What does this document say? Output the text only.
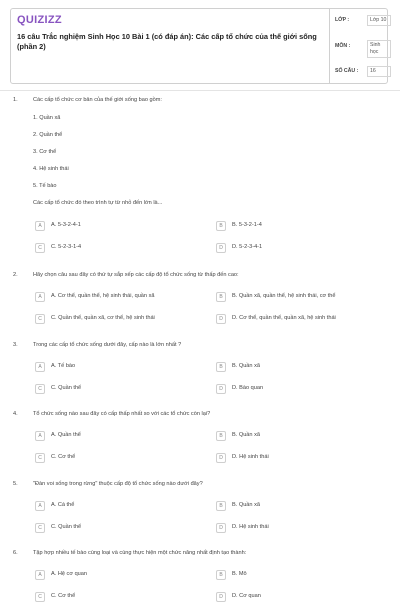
QUIZIZZ
16 câu Trắc nghiệm Sinh Học 10 Bài 1 (có đáp án): Các cấp tổ chức của thế giới sống (phần 2)
LỚP :	Lớp 10
MÔN :	Sinh học
SỐ CÂU :	16
1.	Các cấp tổ chức cơ bản của thế giới sống bao gồm:
1. Quần xã
2. Quần thể
3. Cơ thể
4. Hệ sinh thái
5. Tế bào
Các cấp tổ chức đó theo trình tự từ nhỏ đến lớn là...
A	A. 5-3-2-4-1	B	B. 5-3-2-1-4
C	C. 5-2-3-1-4	D	D. 5-2-3-4-1
2.	Hãy chọn câu sau đây có thứ tự sắp xếp các cấp độ tổ chức sống từ thấp đến cao:
A	A. Cơ thể, quần thể, hệ sinh thái, quần xã	B	B. Quần xã, quần thể, hệ sinh thái, cơ thể
C	C. Quần thể, quần xã, cơ thể, hệ sinh thái	D	D. Cơ thể, quần thể, quần xã, hệ sinh thái
3.	Trong các cấp tổ chức sống dưới đây, cấp nào là lớn nhất ?
A	A. Tế bào	B	B. Quần xã
C	C. Quần thể	D	D. Bào quan
4.	Tổ chức sống nào sau đây có cấp thấp nhất so với các tổ chức còn lại?
A	A. Quần thể	B	B. Quần xã
C	C. Cơ thể	D	D. Hệ sinh thái
5.	"Đàn voi sống trong rừng" thuộc cấp độ tổ chức sống nào dưới đây?
A	A. Cá thể	B	B. Quần xã
C	C. Quần thể	D	D. Hệ sinh thái
6.	Tập hợp nhiều tế bào cùng loại và cùng thực hiện một chức năng nhất định tạo thành:
A	A. Hệ cơ quan	B	B. Mô
C	C. Cơ thể	D	D. Cơ quan
